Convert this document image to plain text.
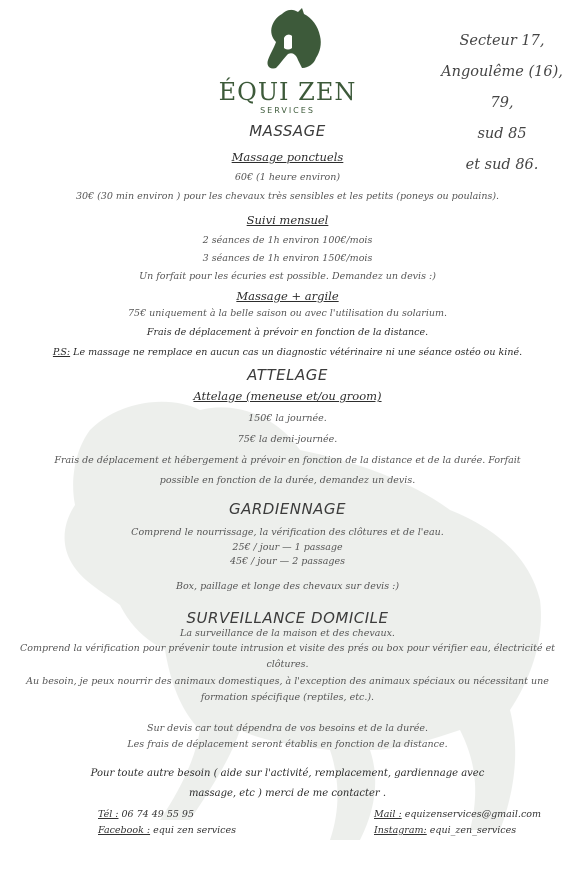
ÉQUI ZEN
SERVICES
Secteur 17,
Angoulême (16),
79,
sud 85
et sud 86.
MASSAGE
Massage ponctuels
60€ (1 heure environ)
30€ (30 min environ ) pour les chevaux très sensibles et les petits (poneys ou poulains).
Suivi mensuel
2 séances de 1h environ 100€/mois
3 séances de 1h environ 150€/mois
Un forfait pour les écuries est possible. Demandez un devis :)
Massage + argile
75€ uniquement à la belle saison ou avec l'utilisation du solarium.
Frais de déplacement à prévoir en fonction de la distance.
P.S: Le massage ne remplace en aucun cas un diagnostic vétérinaire ni une séance ostéo ou kiné.
ATTELAGE
Attelage (meneuse et/ou groom)
150€ la journée.
75€ la demi-journée.
Frais de déplacement et hébergement à prévoir en fonction de la distance et de la durée. Forfait
possible en fonction de la durée, demandez un devis.
GARDIENNAGE
Comprend le nourrissage, la vérification des clôtures et de l'eau.
25€ / jour — 1 passage
45€ / jour — 2 passages
Box, paillage et longe des chevaux sur devis :)
SURVEILLANCE DOMICILE
La surveillance de la maison et des chevaux.
Comprend la vérification pour prévenir toute intrusion et visite des prés ou box pour vérifier eau, électricité et
clôtures.
Au besoin, je peux nourrir des animaux domestiques, à l'exception des animaux spéciaux ou nécessitant une
formation spécifique (reptiles, etc.).
Sur devis car tout dépendra de vos besoins et de la durée.
Les frais de déplacement seront établis en fonction de la distance.
Pour toute autre besoin ( aide sur l'activité, remplacement, gardiennage avec
massage, etc ) merci de me contacter .
Tél : 06 74 49 55 95
Facebook : equi zen services
Mail : equizenservices@gmail.com
Instagram: equi_zen_services
